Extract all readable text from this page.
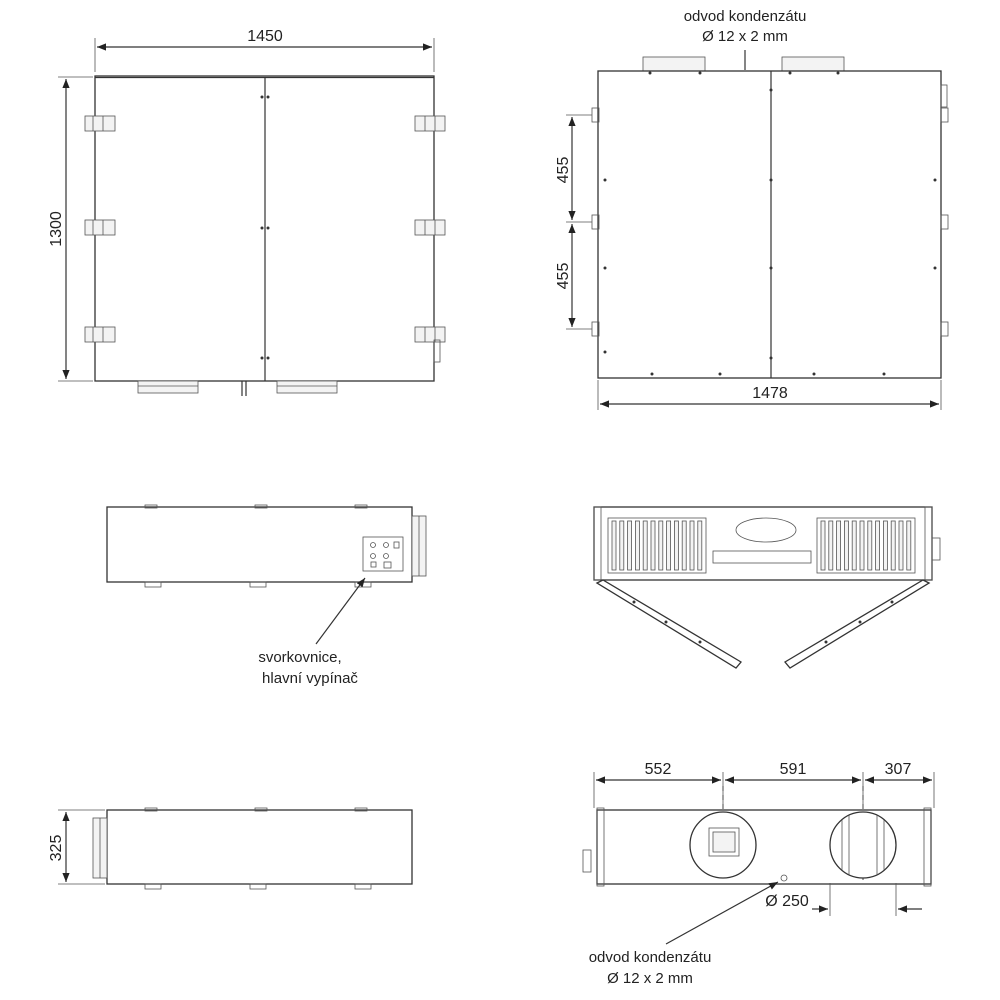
1450
1300
odvod kondenzátu
Ø 12 x 2 mm
455
455
1478
svorkovnice,
hlavní vypínač
325
552	591	307
Ø 250
odvod kondenzátu
Ø 12 x 2 mm
